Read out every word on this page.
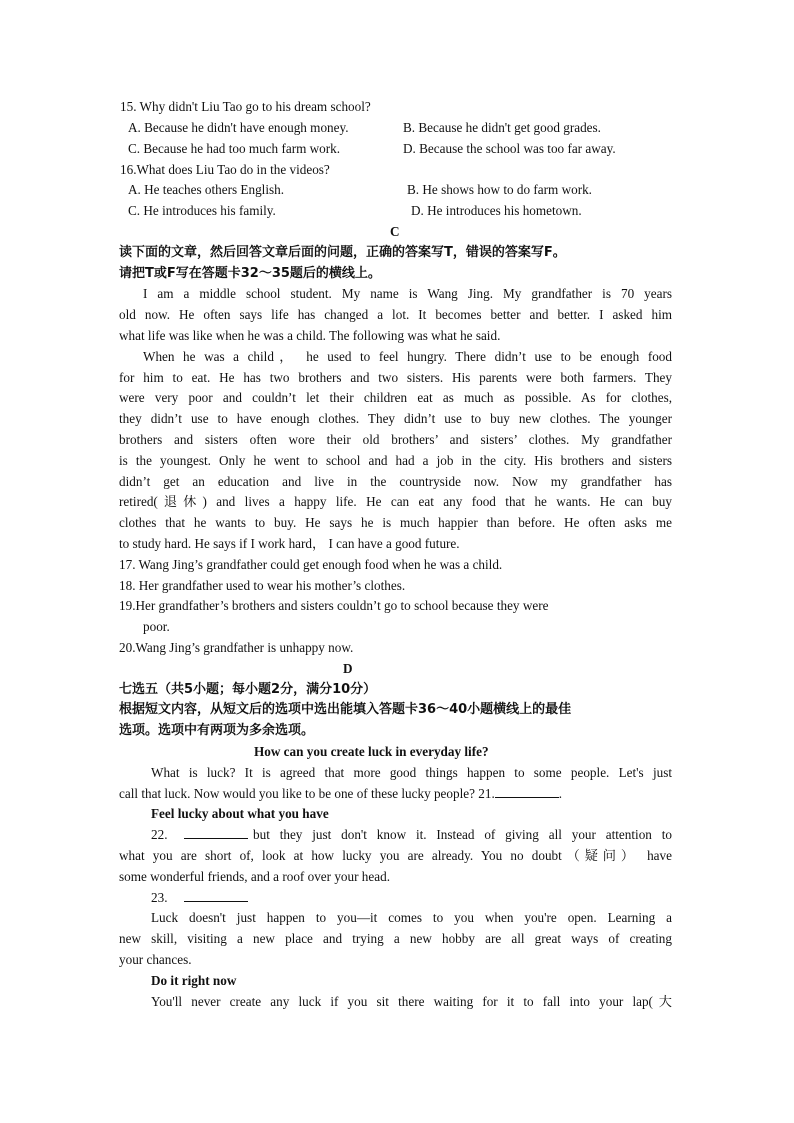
15. Why didn't Liu Tao go to his dream school?
A. Because he didn't have enough money.	B. Because he didn't get good grades.
C. Because he had too much farm work.	D. Because the school was too far away.
16.What does Liu Tao do in the videos?
A. He teaches others English.	B. He shows how to do farm work.
C. He introduces his family.	D. He introduces his hometown.
C
读下面的文章，然后回答文章后面的问题，正确的答案写T，错误的答案写F。
请把T或F写在答题卡32～35题后的横线上。
I am a middle school student. My name is Wang Jing. My grandfather is 70 years
old now. He often says life has changed a lot. It becomes better and better. I asked him
what life was like when he was a child. The following was what he said.
When he was a child， he used to feel hungry. There didn’t use to be enough food
for him to eat. He has two brothers and two sisters. His parents were both farmers. They
were very poor and couldn’t let their children eat as much as possible. As for clothes,
they didn’t use to have enough clothes. They didn’t use to buy new clothes. The younger
brothers and sisters often wore their old brothers’ and sisters’ clothes. My grandfather
is the youngest. Only he went to school and had a job in the city. His brothers and sisters
didn’t get an education and live in the countryside now. Now my grandfather has
retired(退休) and lives a happy life. He can eat any food that he wants. He can buy
clothes that he wants to buy. He says he is much happier than before. He often asks me
to study hard. He says if I work hard， I can have a good future.
17. Wang Jing’s grandfather could get enough food when he was a child.
18. Her grandfather used to wear his mother’s clothes.
19.Her grandfather’s brothers and sisters couldn’t go to school because they were
poor.
20.Wang Jing’s grandfather is unhappy now.
D
七选五（共5小题；每小题2分，满分10分）
根据短文内容，从短文后的选项中选出能填入答题卡36～40小题横线上的最佳
选项。选项中有两项为多余选项。
How can you create luck in everyday life?
What is luck? It is agreed that more good things happen to some people. Let's just
call that luck. Now would you like to be one of these lucky people? 21.	.
Feel lucky about what you have
22.	but they just don't know it. Instead of giving all your attention to
what you are short of, look at how lucky you are already. You no doubt（疑问） have
some wonderful friends, and a roof over your head.
23.
Luck doesn't just happen to you—it comes to you when you're open. Learning a
new skill, visiting a new place and trying a new hobby are all great ways of creating
your chances.
Do it right now
You'll never create any luck if you sit there waiting for it to fall into your lap(大
